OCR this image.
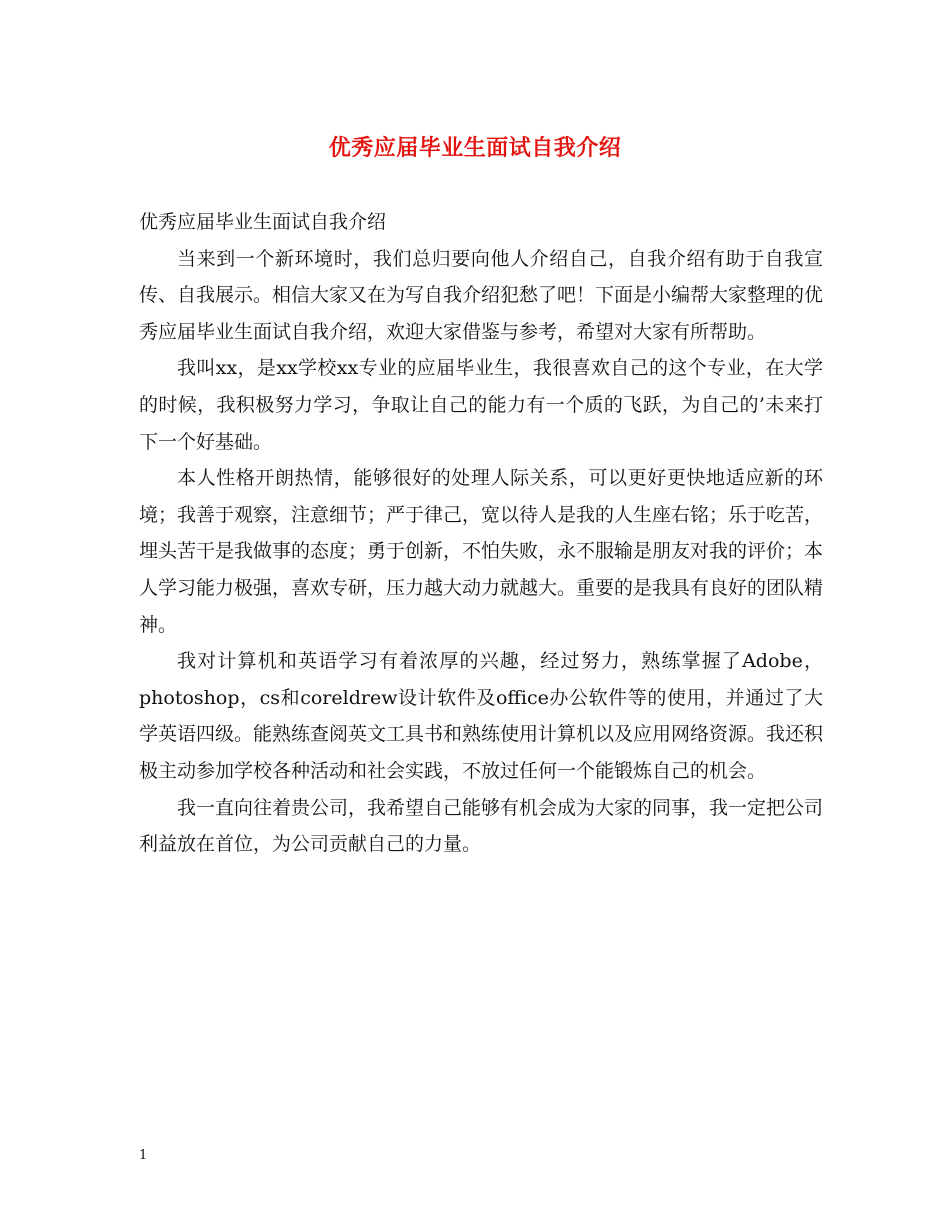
优秀应届毕业生面试自我介绍

优秀应届毕业生面试自我介绍

当来到一个新环境时，我们总归要向他人介绍自己，自我介绍有助于自我宣传、自我展示。相信大家又在为写自我介绍犯愁了吧！下面是小编帮大家整理的优秀应届毕业生面试自我介绍，欢迎大家借鉴与参考，希望对大家有所帮助。

我叫xx，是xx学校xx专业的应届毕业生，我很喜欢自己的这个专业，在大学的时候，我积极努力学习，争取让自己的能力有一个质的飞跃，为自己的’未来打下一个好基础。

本人性格开朗热情，能够很好的处理人际关系，可以更好更快地适应新的环境；我善于观察，注意细节；严于律己，宽以待人是我的人生座右铭；乐于吃苦，埋头苦干是我做事的态度；勇于创新，不怕失败，永不服输是朋友对我的评价；本人学习能力极强，喜欢专研，压力越大动力就越大。重要的是我具有良好的团队精神。

我对计算机和英语学习有着浓厚的兴趣，经过努力，熟练掌握了Adobe，photoshop，cs和coreldrew设计软件及office办公软件等的使用，并通过了大学英语四级。能熟练查阅英文工具书和熟练使用计算机以及应用网络资源。我还积极主动参加学校各种活动和社会实践，不放过任何一个能锻炼自己的机会。

我一直向往着贵公司，我希望自己能够有机会成为大家的同事，我一定把公司利益放在首位，为公司贡献自己的力量。

1
